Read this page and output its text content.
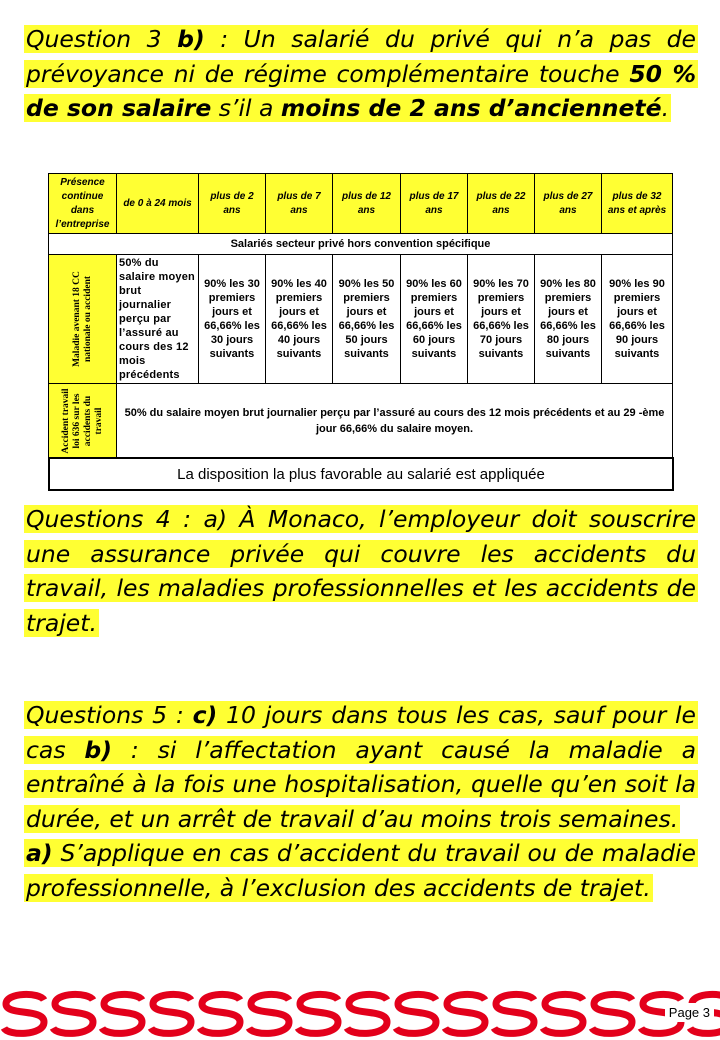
Question 3 b) : Un salarié du privé qui n’a pas de prévoyance ni de régime complémentaire touche 50 % de son salaire s’il a moins de 2 ans d’ancienneté.
Présence continue dans l’entreprise	de 0 à 24 mois	plus de 2 ans	plus de 7 ans	plus de 12 ans	plus de 17 ans	plus de 22 ans	plus de 27 ans	plus de 32 ans et après
Salariés secteur privé hors convention spécifique								

Maladie avenant 18 CC nationale ou accident	50% du salaire moyen brut journalier perçu par l’assuré au cours des 12 mois précédents	90% les 30 premiers jours et 66,66% les 30 jours suivants	90% les 40 premiers jours et 66,66% les 40 jours suivants	90% les 50 premiers jours et 66,66% les 50 jours suivants	90% les 60 premiers jours et 66,66% les 60 jours suivants	90% les 70 premiers jours et 66,66% les 70 jours suivants	90% les 80 premiers jours et 66,66% les 80 jours suivants	90% les 90 premiers jours et 66,66% les 90 jours suivants

Accident travail loi 636 sur les accidents du travail	50% du salaire moyen brut journalier perçu par l’assuré au cours des 12 mois précédents et au 29 -ème jour 66,66% du salaire moyen.							
La disposition la plus favorable au salarié est appliquée
Questions 4 : a) À Monaco, l’employeur doit souscrire une assurance privée qui couvre les accidents du travail, les maladies professionnelles et les accidents de trajet.
Questions 5 : c) 10 jours dans tous les cas, sauf pour le cas b) : si l’affectation ayant causé la maladie a entraîné à la fois une hospitalisation, quelle qu’en soit la durée, et un arrêt de travail d’au moins trois semaines.
a) S’applique en cas d’accident du travail ou de maladie professionnelle, à l’exclusion des accidents de trajet.
Page 3
